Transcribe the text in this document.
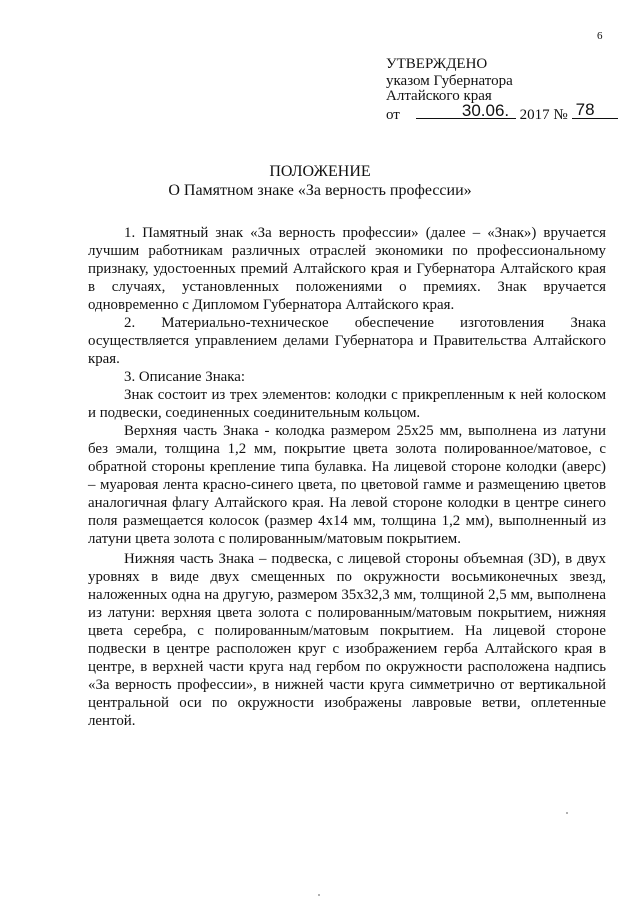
6
УТВЕРЖДЕНО
указом Губернатора
Алтайского края
от	30.06. 2017 № 78
ПОЛОЖЕНИЕ
О Памятном знаке «За верность профессии»

1. Памятный знак «За верность профессии» (далее – «Знак») вручается лучшим работникам различных отраслей экономики по профессиональному признаку, удостоенных премий Алтайского края и Губернатора Алтайского края в случаях, установленных положениями о премиях. Знак вручается одновременно с Дипломом Губернатора Алтайского края.

2. Материально-техническое обеспечение изготовления Знака осуществляется управлением делами Губернатора и Правительства Алтайского края.

3. Описание Знака:

Знак состоит из трех элементов: колодки с прикрепленным к ней колоском и подвески, соединенных соединительным кольцом.

Верхняя часть Знака - колодка размером 25х25 мм, выполнена из латуни без эмали, толщина 1,2 мм, покрытие цвета золота полированное/матовое, с обратной стороны крепление типа булавка. На лицевой стороне колодки (аверс) – муаровая лента красно-синего цвета, по цветовой гамме и размещению цветов аналогичная флагу Алтайского края. На левой стороне колодки в центре синего поля размещается колосок (размер 4х14 мм, толщина 1,2 мм), выполненный из латуни цвета золота с полированным/матовым покрытием.

Нижняя часть Знака – подвеска, с лицевой стороны объемная (3D), в двух уровнях в виде двух смещенных по окружности восьмиконечных звезд, наложенных одна на другую, размером 35х32,3 мм, толщиной 2,5 мм, выполнена из латуни: верхняя цвета золота с полированным/матовым покрытием, нижняя цвета серебра, с полированным/матовым покрытием. На лицевой стороне подвески в центре расположен круг с изображением герба Алтайского края в центре, в верхней части круга над гербом по окружности расположена надпись «За верность профессии», в нижней части круга симметрично от вертикальной центральной оси по окружности изображены лавровые ветви, оплетенные лентой.
